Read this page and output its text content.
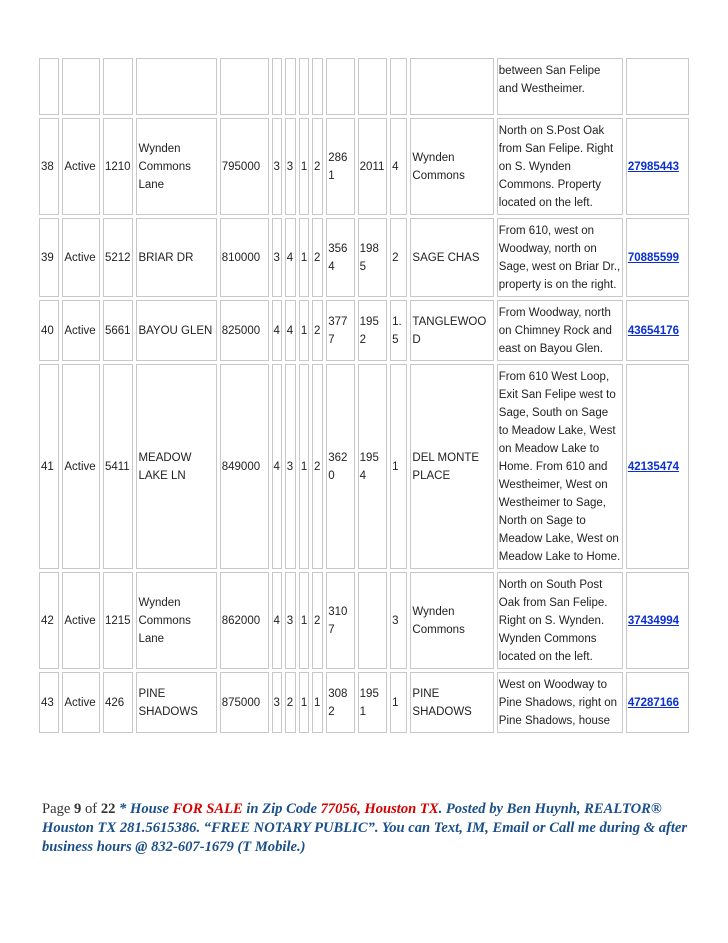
													between San Felipe and Westheimer.	
38	Active	1210	Wynden Commons Lane	795000	3	3	1	2	2861	2011	4	Wynden Commons	North on S.Post Oak from San Felipe. Right on S. Wynden Commons. Property located on the left.	27985443
39	Active	5212	BRIAR DR	810000	3	4	1	2	3564	1985	2	SAGE CHAS	From 610, west on Woodway, north on Sage, west on Briar Dr., property is on the right.	70885599
40	Active	5661	BAYOU GLEN	825000	4	4	1	2	3777	1952	1.5	TANGLEWOOD	From Woodway, north on Chimney Rock and east on Bayou Glen.	43654176
41	Active	5411	MEADOW LAKE LN	849000	4	3	1	2	3620	1954	1	DEL MONTE PLACE	From 610 West Loop, Exit San Felipe west to Sage, South on Sage to Meadow Lake, West on Meadow Lake to Home. From 610 and Westheimer, West on Westheimer to Sage, North on Sage to Meadow Lake, West on Meadow Lake to Home.	42135474
42	Active	1215	Wynden Commons Lane	862000	4	3	1	2	3107		3	Wynden Commons	North on South Post Oak from San Felipe. Right on S. Wynden. Wynden Commons located on the left.	37434994
43	Active	426	PINE SHADOWS	875000	3	2	1	1	3082	1951	1	PINE SHADOWS	West on Woodway to Pine Shadows, right on Pine Shadows, house	47287166
Page 9 of 22 * House FOR SALE in Zip Code 77056, Houston TX. Posted by Ben Huynh, REALTOR® Houston TX 281.5615386. “FREE NOTARY PUBLIC”. You can Text, IM, Email or Call me during & after business hours @ 832-607-1679 (T Mobile.)
